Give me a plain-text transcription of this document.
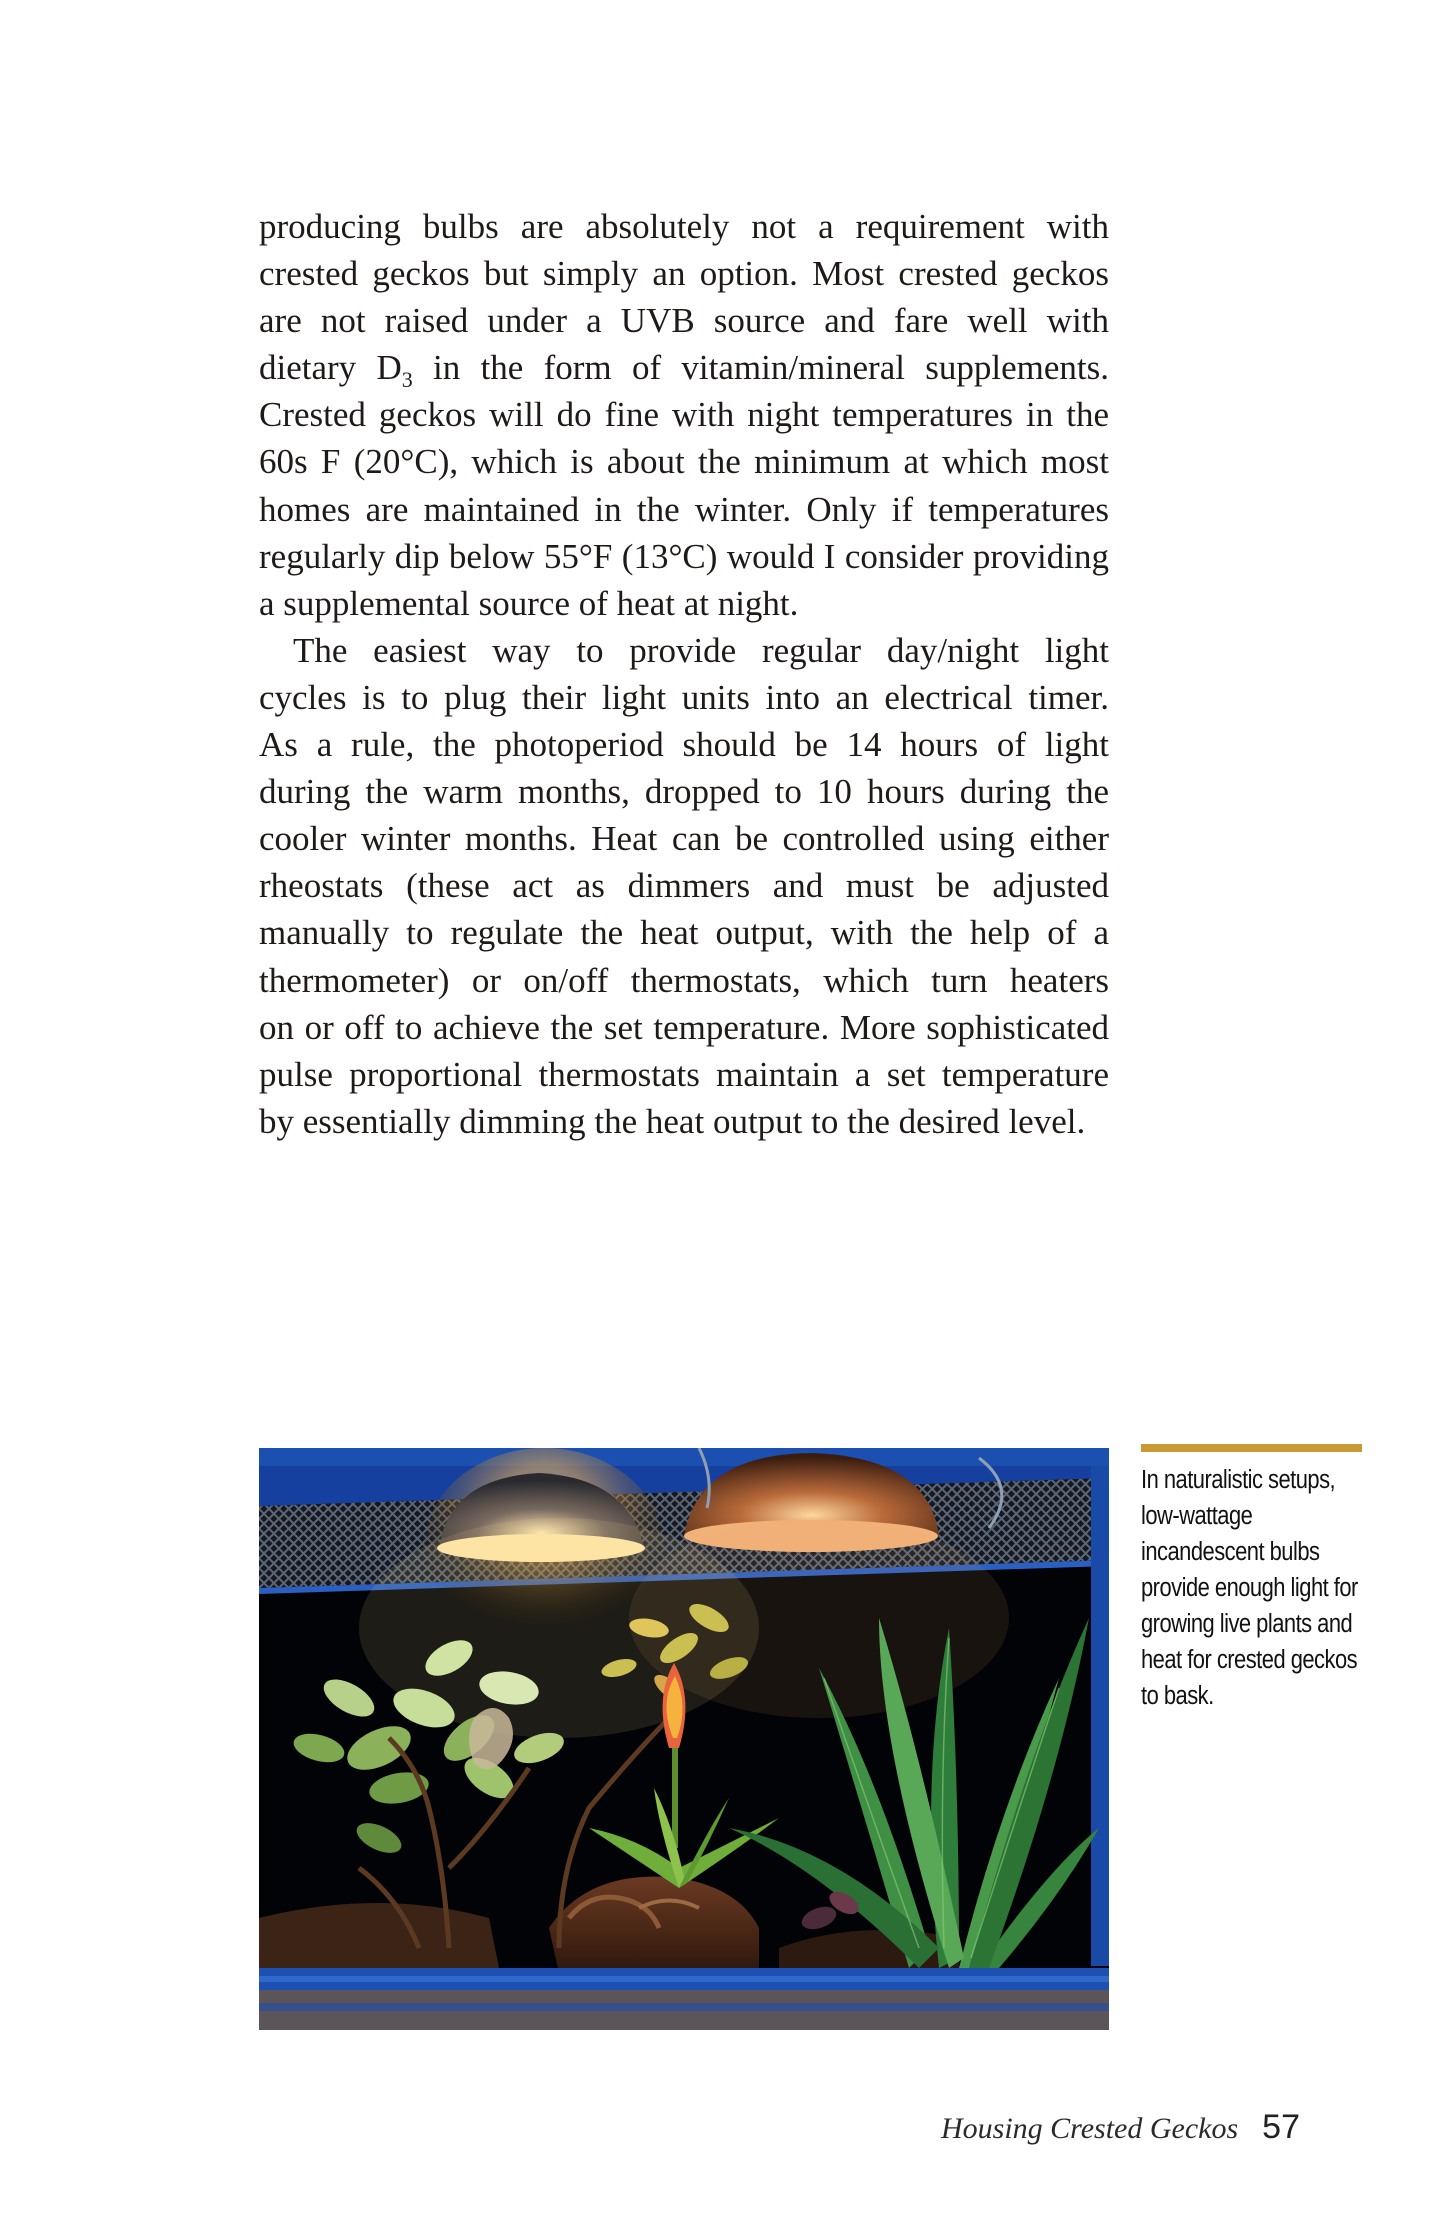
producing bulbs are absolutely not a requirement with
crested geckos but simply an option. Most crested geckos
are not raised under a UVB source and fare well with
dietary $D_3$ in the form of vitamin/mineral supplements.
Crested geckos will do fine with night temperatures in the
60s F (20°C), which is about the minimum at which most
homes are maintained in the winter. Only if temperatures
regularly dip below 55°F (13°C) would I consider providing
a supplemental source of heat at night.
The easiest way to provide regular day/night light
cycles is to plug their light units into an electrical timer.
As a rule, the photoperiod should be 14 hours of light
during the warm months, dropped to 10 hours during the
cooler winter months. Heat can be controlled using either
rheostats (these act as dimmers and must be adjusted
manually to regulate the heat output, with the help of a
thermometer) or on/off thermostats, which turn heaters
on or off to achieve the set temperature. More sophisticated
pulse proportional thermostats maintain a set temperature
by essentially dimming the heat output to the desired level.
In naturalistic setups, low-wattage incandescent bulbs provide enough light for growing live plants and heat for crested geckos to bask.
Housing Crested Geckos 57
